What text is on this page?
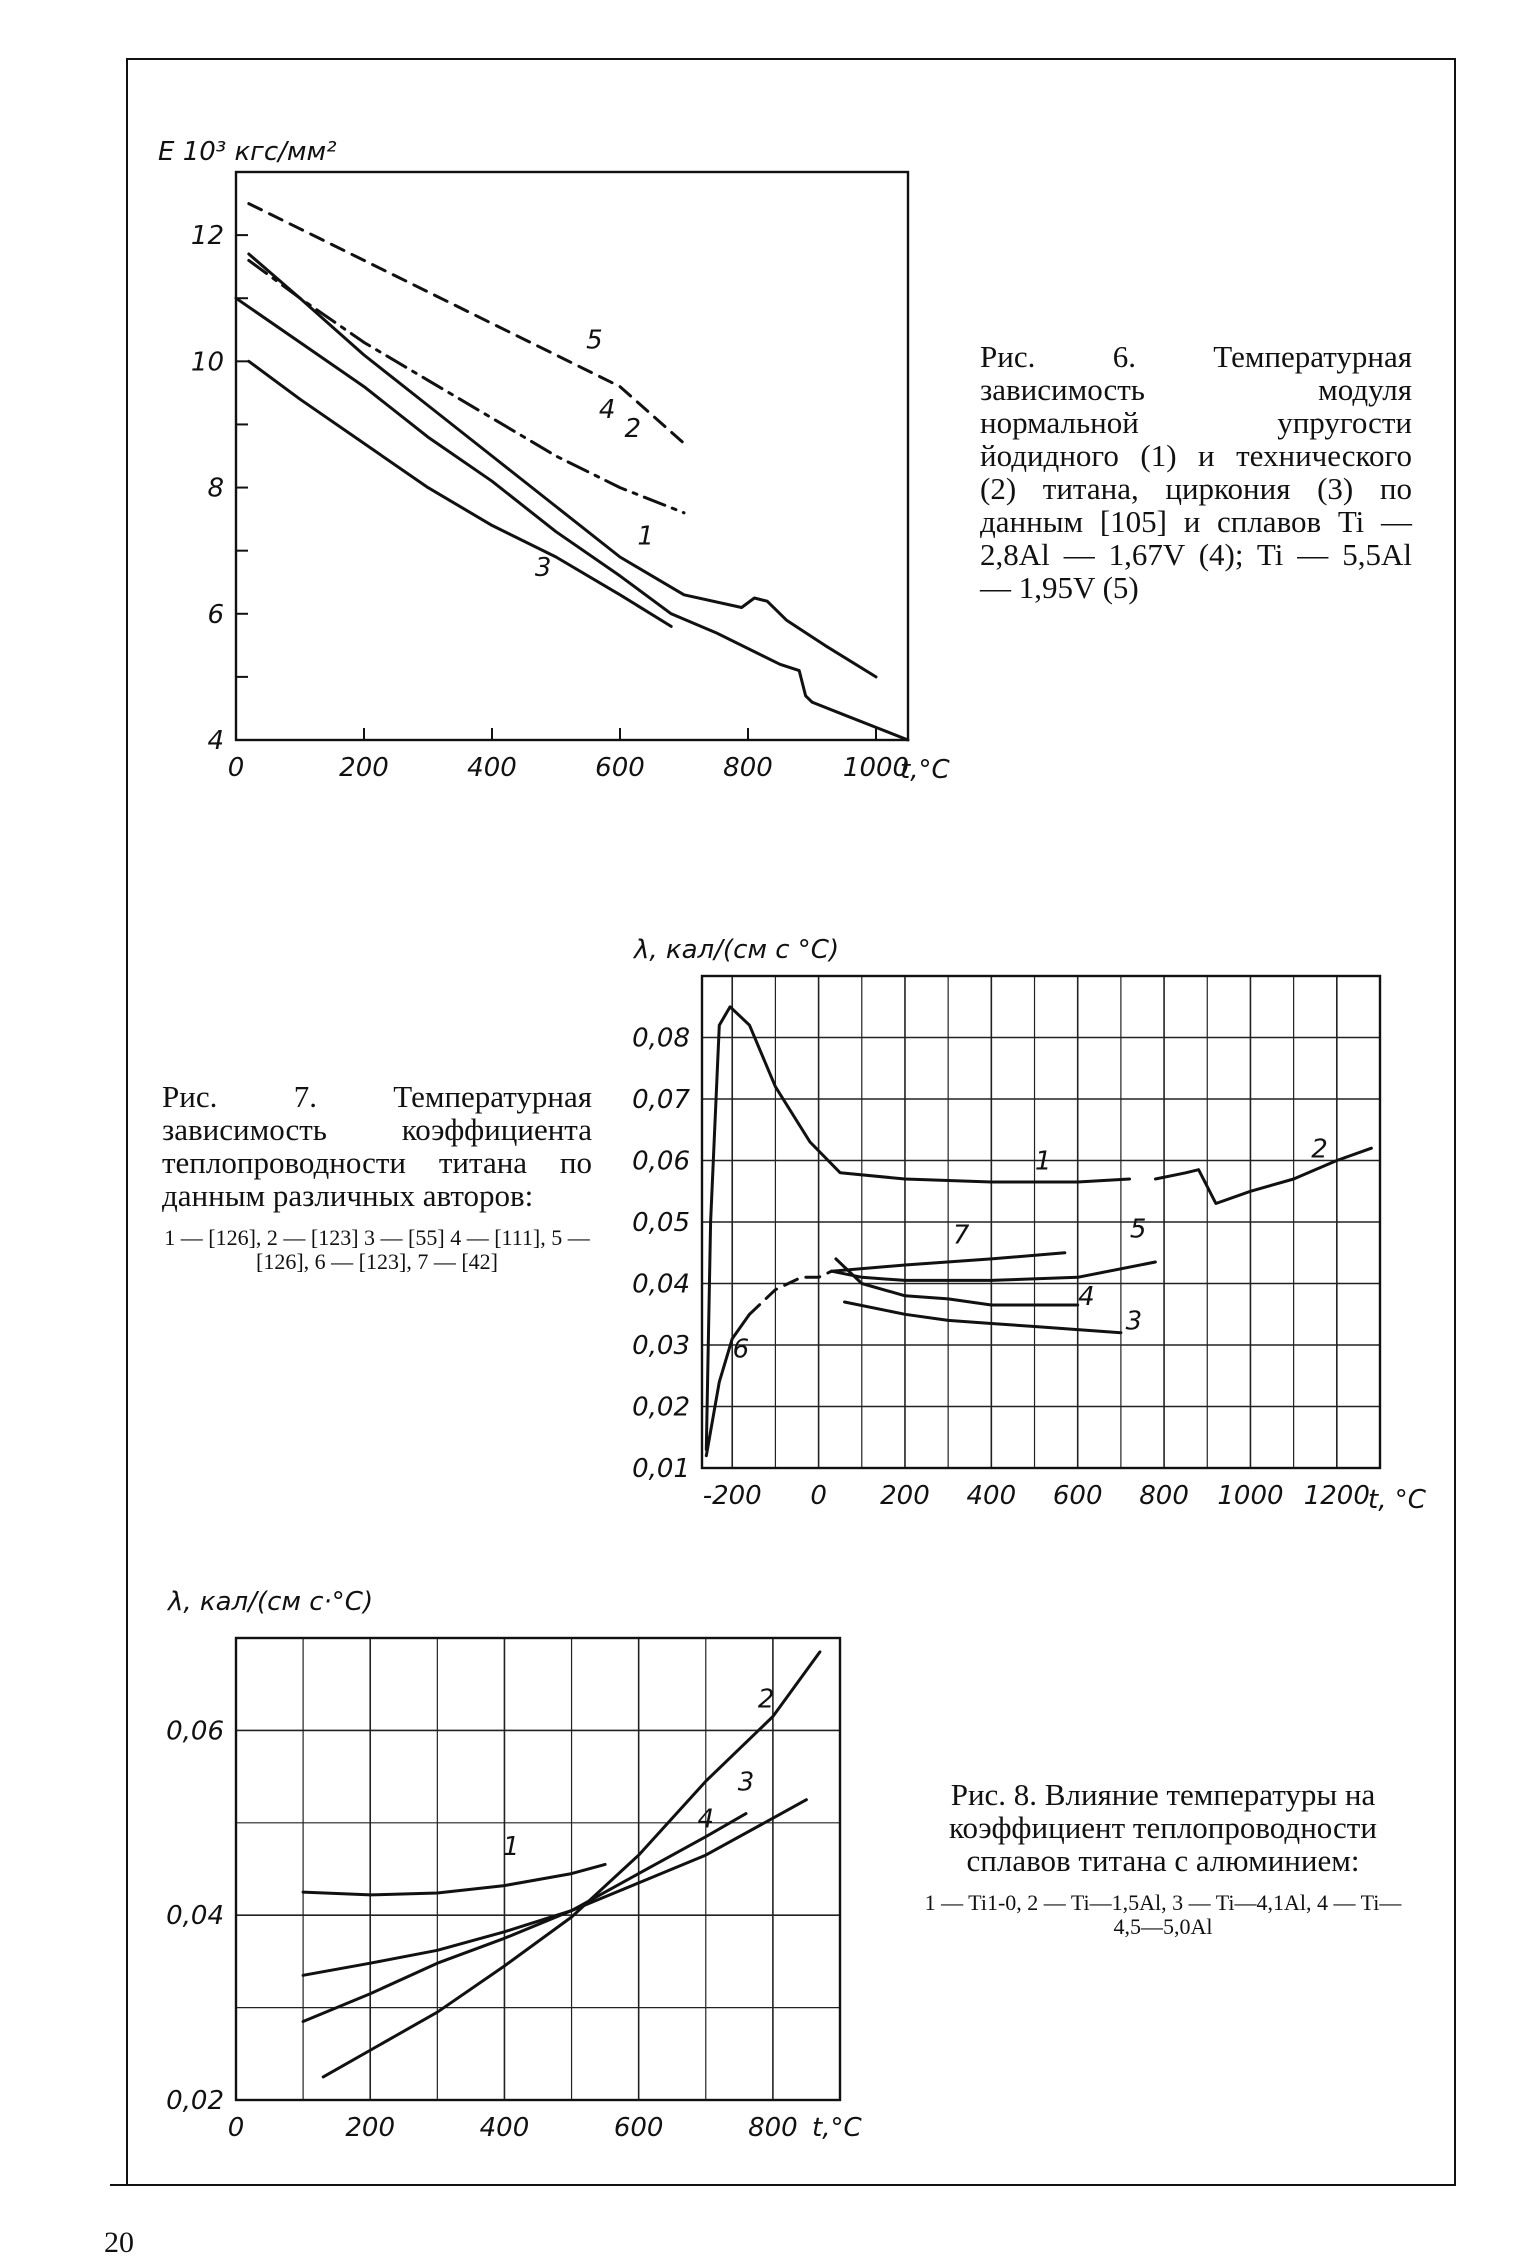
0	200	400	600	800	1000
4
6
8
10
12
E 10³ кгс/мм²
t,°C
1
2
3
4
5
-200 0 200 400 600 800 1000 1200
0,01
0,02
0,03
0,04
0,05
0,06
0,07
0,08
λ, кал/(см с °С)
t, °C
1	2
3
4
5
6
7
0	200	400	600	800
0,02
0,04
0,06
λ, кал/(см с·°С)
t,°C
1
2
3
4
Рис. 6. Температурная зависимость модуля нормальной упругости йодидного (1) и технического (2) титана, циркония (3) по данным [105] и сплавов Ti — 2,8Al — 1,67V (4); Ti — 5,5Al — 1,95V (5)
Рис. 7. Температурная зависимость коэффициента теплопроводности титана по данным различных авторов:
1 — [126], 2 — [123] 3 — [55] 4 — [111], 5 — [126], 6 — [123], 7 — [42]
Рис. 8. Влияние температуры на коэффициент теплопроводности сплавов титана с алюминием:
1 — Ti1-0, 2 — Ti—1,5Al, 3 — Ti—4,1Al, 4 — Ti—4,5—5,0Al
20
